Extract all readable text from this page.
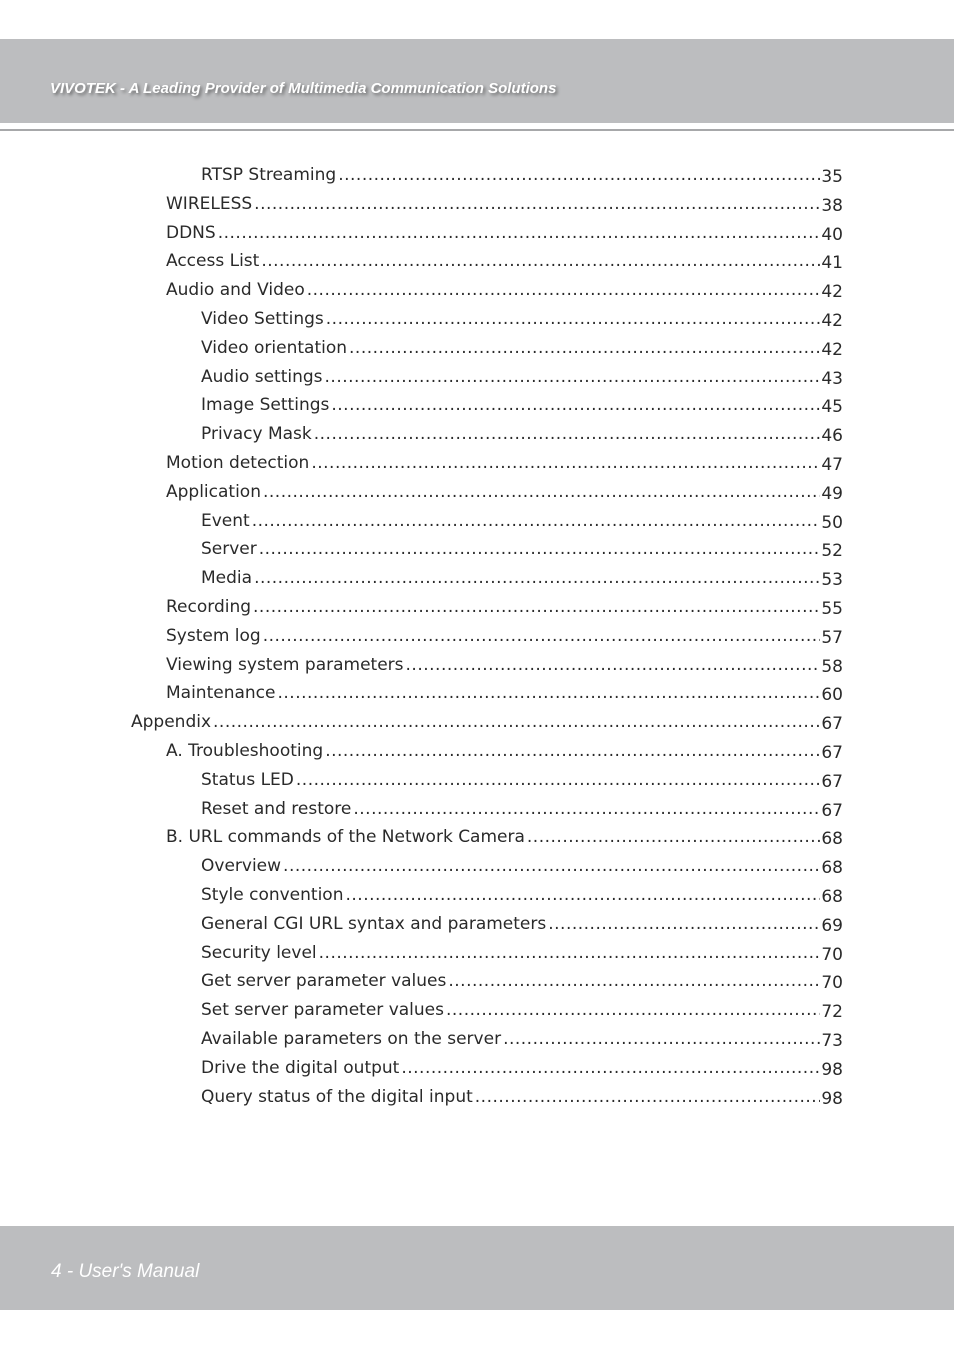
VIVOTEK - A Leading Provider of Multimedia Communication Solutions
RTSP Streaming .....	35
WIRELESS .....	38
DDNS .....	40
Access List .....	41
Audio and Video .....	42
Video Settings .....	42
Video orientation .....	42
Audio settings .....	43
Image Settings .....	45
Privacy Mask .....	46
Motion detection .....	47
Application .....	49
Event .....	50
Server .....	52
Media .....	53
Recording .....	55
System log .....	57
Viewing system parameters .....	58
Maintenance .....	60
Appendix .....	67
A. Troubleshooting .....	67
Status LED .....	67
Reset and restore .....	67
B. URL commands of the Network Camera .....	68
Overview .....	68
Style convention .....	68
General CGI URL syntax and parameters .....	69
Security level .....	70
Get server parameter values .....	70
Set server parameter values .....	72
Available parameters on the server .....	73
Drive the digital output .....	98
Query status of the digital input .....	98
4 - User's Manual
